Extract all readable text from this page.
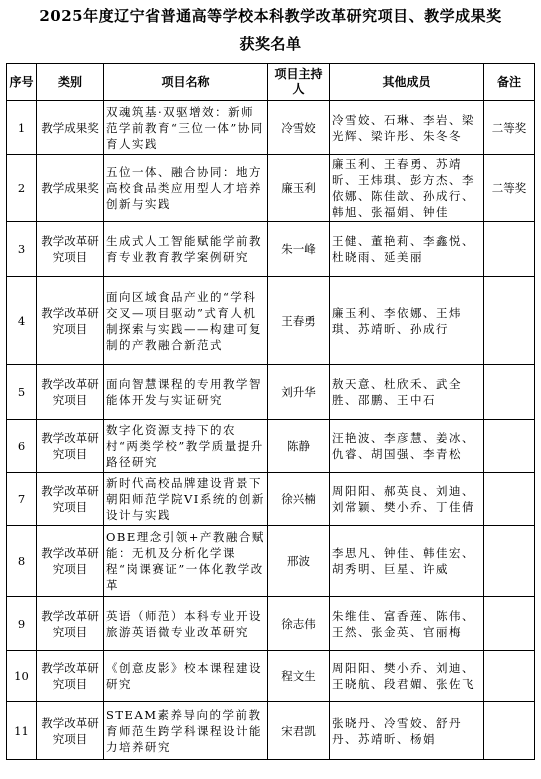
2025年度辽宁省普通高等学校本科教学改革研究项目、教学成果奖
获奖名单
序号	类别	项目名称	项目主持人	其他成员	备注
1	教学成果奖	双魂筑基·双驱增效：新师范学前教育“三位一体”协同育人实践	冷雪姣	冷雪姣、石琳、李岩、梁光辉、梁许彤、朱冬冬	二等奖
2	教学成果奖	五位一体、融合协同：地方高校食品类应用型人才培养创新与实践	廉玉利	廉玉利、王春勇、苏靖昕、王炜琪、彭方杰、李依娜、陈佳歆、孙成行、韩旭、张福娟、钟佳	二等奖
3	教学改革研究项目	生成式人工智能赋能学前教育专业教育教学案例研究	朱一峰	王健、董艳莉、李鑫悦、杜晓雨、延美丽	
4	教学改革研究项目	面向区域食品产业的“学科交叉—项目驱动”式育人机制探索与实践——构建可复制的产教融合新范式	王春勇	廉玉利、李依娜、王炜琪、苏靖昕、孙成行	
5	教学改革研究项目	面向智慧课程的专用教学智能体开发与实证研究	刘升华	敖天意、杜欣禾、武全胜、邵鹏、王中石	
6	教学改革研究项目	数字化资源支持下的农村“两类学校”教学质量提升路径研究	陈静	汪艳波、李彦慧、姜冰、仇睿、胡国强、李青松	
7	教学改革研究项目	新时代高校品牌建设背景下朝阳师范学院VI系统的创新设计与实践	徐兴楠	周阳阳、郝英良、刘迪、刘常颖、樊小乔、丁佳倩	
8	教学改革研究项目	OBE理念引领+产教融合赋能：无机及分析化学课程“岗课赛证”一体化教学改革	邢波	李思凡、钟佳、韩佳宏、胡秀明、巨星、许威	
9	教学改革研究项目	英语（师范）本科专业开设旅游英语微专业改革研究	徐志伟	朱维佳、富香莲、陈伟、王然、张金英、官丽梅	
10	教学改革研究项目	《创意皮影》校本课程建设研究	程文生	周阳阳、樊小乔、刘迪、王晓航、段君媚、张佐飞	
11	教学改革研究项目	STEAM素养导向的学前教育师范生跨学科课程设计能力培养研究	宋君凯	张晓丹、冷雪姣、舒丹丹、苏靖昕、杨娟	
